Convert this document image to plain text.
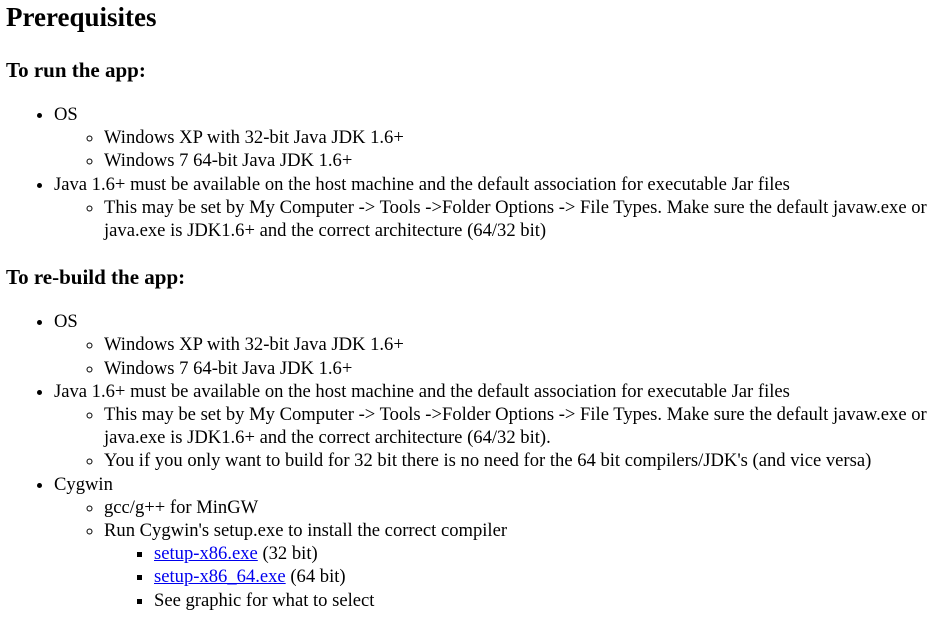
Prerequisites
To run the app:
• OS
◦ Windows XP with 32-bit Java JDK 1.6+
◦ Windows 7 64-bit Java JDK 1.6+
• Java 1.6+ must be available on the host machine and the default association for executable Jar files
◦ This may be set by My Computer -> Tools ->Folder Options -> File Types. Make sure the default javaw.exe or java.exe is JDK1.6+ and the correct architecture (64/32 bit)
To re-build the app:
• OS
◦ Windows XP with 32-bit Java JDK 1.6+
◦ Windows 7 64-bit Java JDK 1.6+
• Java 1.6+ must be available on the host machine and the default association for executable Jar files
◦ This may be set by My Computer -> Tools ->Folder Options -> File Types. Make sure the default javaw.exe or java.exe is JDK1.6+ and the correct architecture (64/32 bit).
◦ You if you only want to build for 32 bit there is no need for the 64 bit compilers/JDK's (and vice versa)
• Cygwin
◦ gcc/g++ for MinGW
◦ Run Cygwin's setup.exe to install the correct compiler
▪ setup-x86.exe (32 bit)
▪ setup-x86_64.exe (64 bit)
▪ See graphic for what to select
